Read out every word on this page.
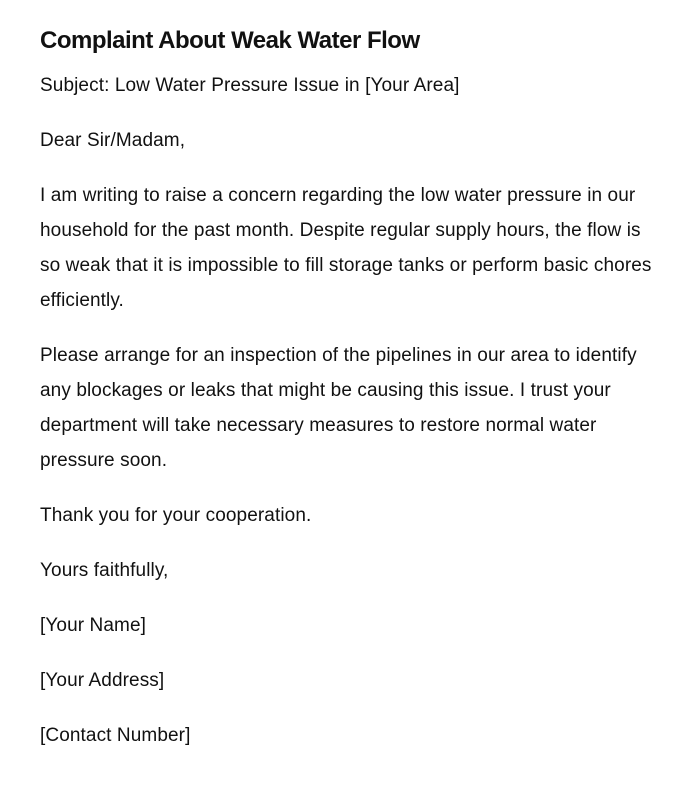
Complaint About Weak Water Flow

Subject: Low Water Pressure Issue in [Your Area]

Dear Sir/Madam,

I am writing to raise a concern regarding the low water pressure in our household for the past month. Despite regular supply hours, the flow is so weak that it is impossible to fill storage tanks or perform basic chores efficiently.

Please arrange for an inspection of the pipelines in our area to identify any blockages or leaks that might be causing this issue. I trust your department will take necessary measures to restore normal water pressure soon.

Thank you for your cooperation.

Yours faithfully,

[Your Name]

[Your Address]

[Contact Number]
